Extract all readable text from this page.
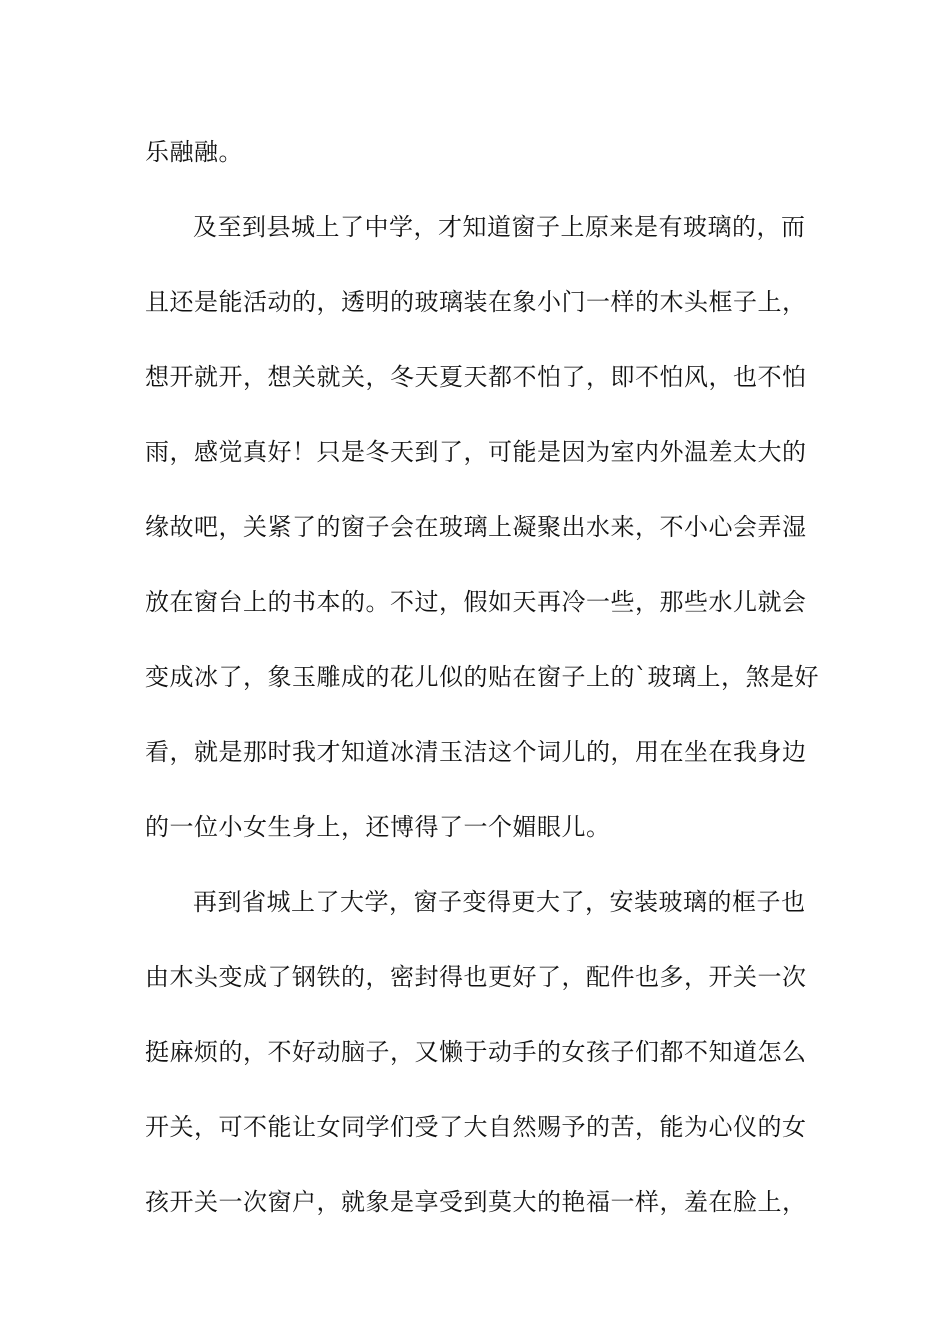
乐融融。
及至到县城上了中学，才知道窗子上原来是有玻璃的，而
且还是能活动的，透明的玻璃装在象小门一样的木头框子上，
想开就开，想关就关，冬天夏天都不怕了，即不怕风，也不怕
雨，感觉真好！只是冬天到了，可能是因为室内外温差太大的
缘故吧，关紧了的窗子会在玻璃上凝聚出水来，不小心会弄湿
放在窗台上的书本的。不过，假如天再冷一些，那些水儿就会
变成冰了，象玉雕成的花儿似的贴在窗子上的`玻璃上，煞是好
看，就是那时我才知道冰清玉洁这个词儿的，用在坐在我身边
的一位小女生身上，还博得了一个媚眼儿。
再到省城上了大学，窗子变得更大了，安装玻璃的框子也
由木头变成了钢铁的，密封得也更好了，配件也多，开关一次
挺麻烦的，不好动脑子，又懒于动手的女孩子们都不知道怎么
开关，可不能让女同学们受了大自然赐予的苦，能为心仪的女
孩开关一次窗户，就象是享受到莫大的艳福一样，羞在脸上，
